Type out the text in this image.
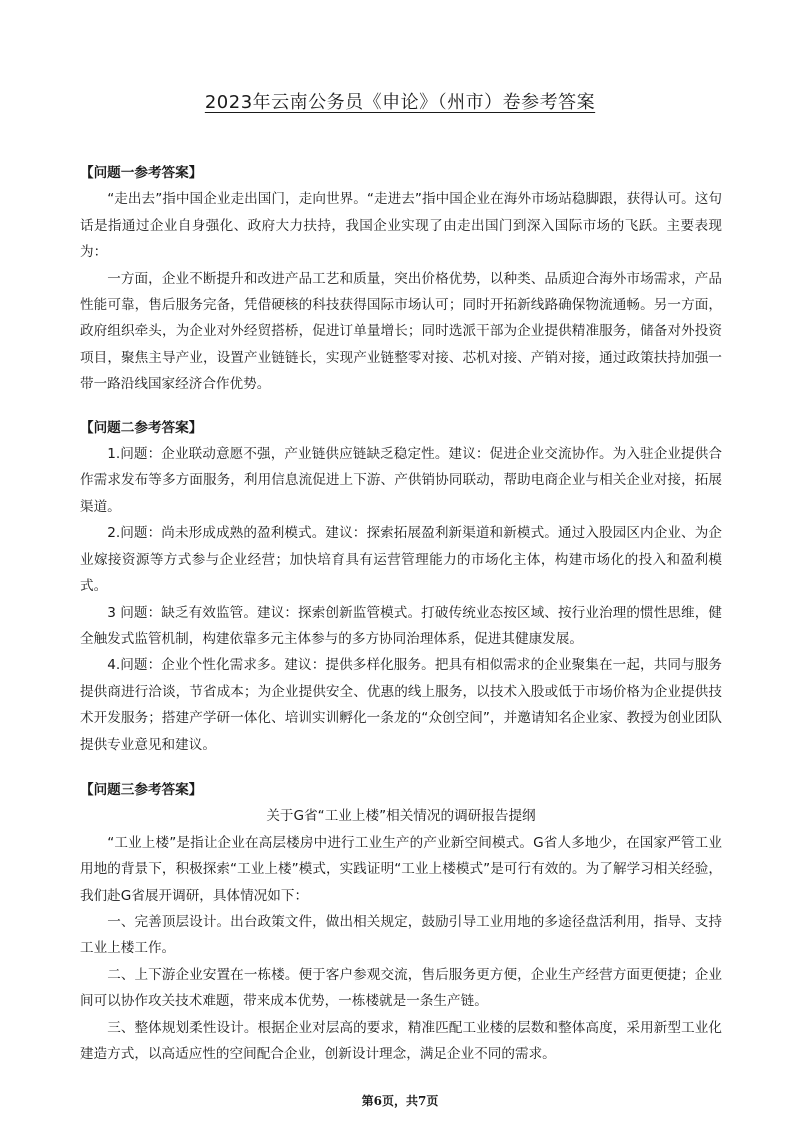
2023年云南公务员《申论》（州市）卷参考答案

【问题一参考答案】

“走出去”指中国企业走出国门，走向世界。“走进去”指中国企业在海外市场站稳脚跟，获得认可。这句话是指通过企业自身强化、政府大力扶持，我国企业实现了由走出国门到深入国际市场的飞跃。主要表现为：

一方面，企业不断提升和改进产品工艺和质量，突出价格优势，以种类、品质迎合海外市场需求，产品性能可靠，售后服务完备，凭借硬核的科技获得国际市场认可；同时开拓新线路确保物流通畅。另一方面，政府组织牵头，为企业对外经贸搭桥，促进订单量增长；同时选派干部为企业提供精准服务，储备对外投资项目，聚焦主导产业，设置产业链链长，实现产业链整零对接、芯机对接、产销对接，通过政策扶持加强一带一路沿线国家经济合作优势。

【问题二参考答案】

1.问题：企业联动意愿不强，产业链供应链缺乏稳定性。建议：促进企业交流协作。为入驻企业提供合作需求发布等多方面服务，利用信息流促进上下游、产供销协同联动，帮助电商企业与相关企业对接，拓展渠道。

2.问题：尚未形成成熟的盈利模式。建议：探索拓展盈利新渠道和新模式。通过入股园区内企业、为企业嫁接资源等方式参与企业经营；加快培育具有运营管理能力的市场化主体，构建市场化的投入和盈利模式。

3 问题：缺乏有效监管。建议：探索创新监管模式。打破传统业态按区域、按行业治理的惯性思维，健全触发式监管机制，构建依靠多元主体参与的多方协同治理体系，促进其健康发展。

4.问题：企业个性化需求多。建议：提供多样化服务。把具有相似需求的企业聚集在一起，共同与服务提供商进行洽谈，节省成本；为企业提供安全、优惠的线上服务，以技术入股或低于市场价格为企业提供技术开发服务；搭建产学研一体化、培训实训孵化一条龙的“众创空间”，并邀请知名企业家、教授为创业团队提供专业意见和建议。

【问题三参考答案】

关于G省“工业上楼”相关情况的调研报告提纲

“工业上楼”是指让企业在高层楼房中进行工业生产的产业新空间模式。G省人多地少，在国家严管工业用地的背景下，积极探索“工业上楼”模式，实践证明“工业上楼模式”是可行有效的。为了解学习相关经验，我们赴G省展开调研，具体情况如下：

一、完善顶层设计。出台政策文件，做出相关规定，鼓励引导工业用地的多途径盘活利用，指导、支持工业上楼工作。

二、上下游企业安置在一栋楼。便于客户参观交流，售后服务更方便，企业生产经营方面更便捷；企业间可以协作攻关技术难题，带来成本优势，一栋楼就是一条生产链。

三、整体规划柔性设计。根据企业对层高的要求，精准匹配工业楼的层数和整体高度，采用新型工业化建造方式，以高适应性的空间配合企业，创新设计理念，满足企业不同的需求。

第6页，共7页
